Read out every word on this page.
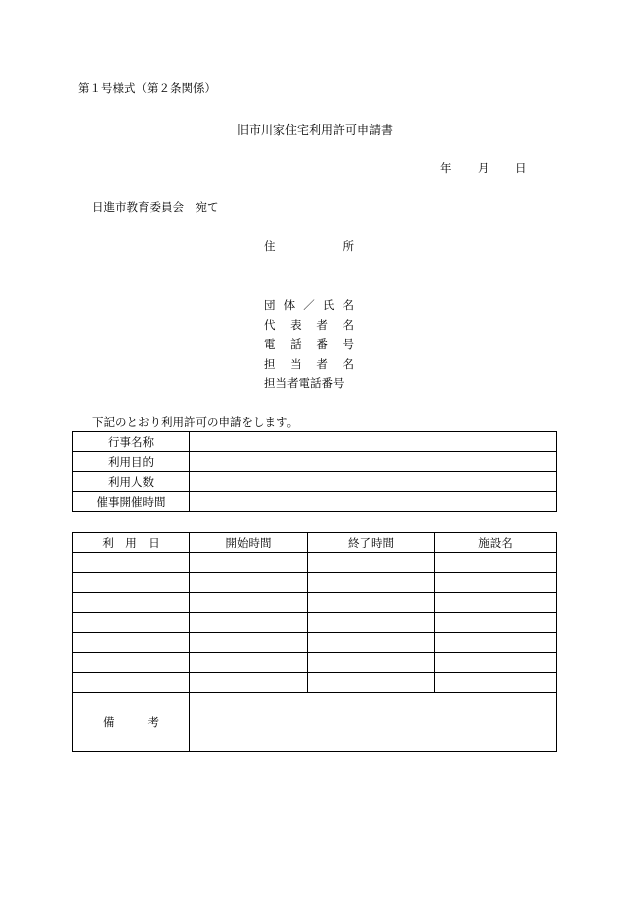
第１号様式（第２条関係）
旧市川家住宅利用許可申請書
年 月 日
日進市教育委員会　宛て
住	所
団 体 ／ 氏 名
代 表 者 名
電 話 番 号
担 当 者 名
担当者電話番号
下記のとおり利用許可の申請をします。
行事名称	
利用目的	
利用人数	
催事開催時間	
利　用　日	開始時間	終了時間	施設名

備 考			
